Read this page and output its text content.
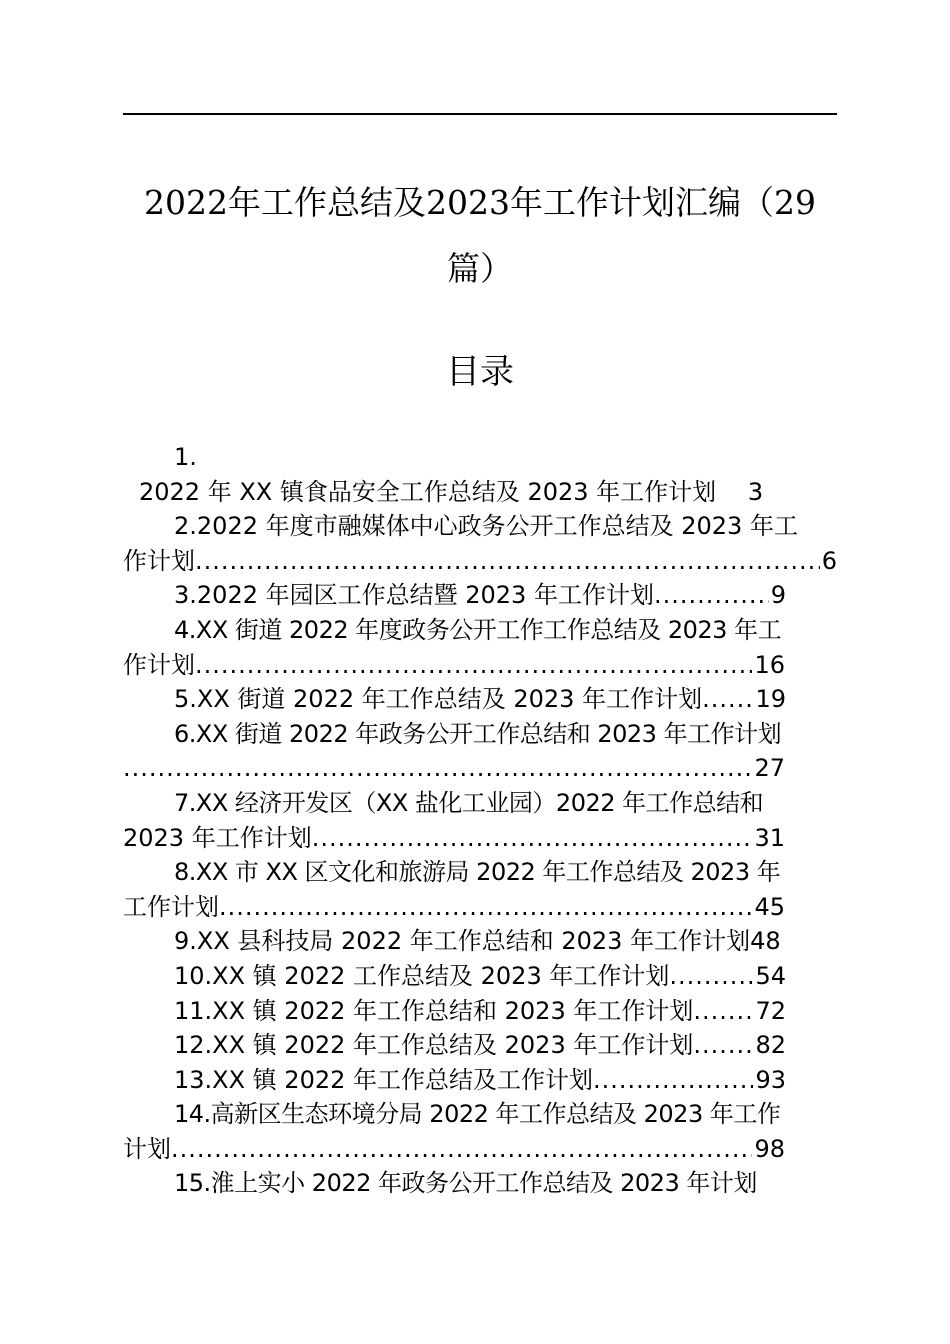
2022年工作总结及2023年工作计划汇编（29
篇）
目录
1.
2022 年 XX 镇食品安全工作总结及 2023 年工作计划 3
2.2022 年度市融媒体中心政务公开工作总结及 2023 年工
作计划 .....	6
3.2022 年园区工作总结暨 2023 年工作计划 .....	9
4.XX 街道 2022 年度政务公开工作工作总结及 2023 年工
作计划 .....	16
5.XX 街道 2022 年工作总结及 2023 年工作计划 ..... 19
6.XX 街道 2022 年政务公开工作总结和 2023 年工作计划
.....
27
7.XX 经济开发区（XX 盐化工业园）2022 年工作总结和
2023 年工作计划 .....	31
8.XX 市 XX 区文化和旅游局 2022 年工作总结及 2023 年
工作计划 .....	45
9.XX 县科技局 2022 年工作总结和 2023 年工作计划48
10.XX 镇 2022 工作总结及 2023 年工作计划 .....	54
11.XX 镇 2022 年工作总结和 2023 年工作计划 .....	72
12.XX 镇 2022 年工作总结及 2023 年工作计划 .....	82
13.XX 镇 2022 年工作总结及工作计划 .....	93
14.高新区生态环境分局 2022 年工作总结及 2023 年工作
计划 .....	98
15.淮上实小 2022 年政务公开工作总结及 2023 年计划
